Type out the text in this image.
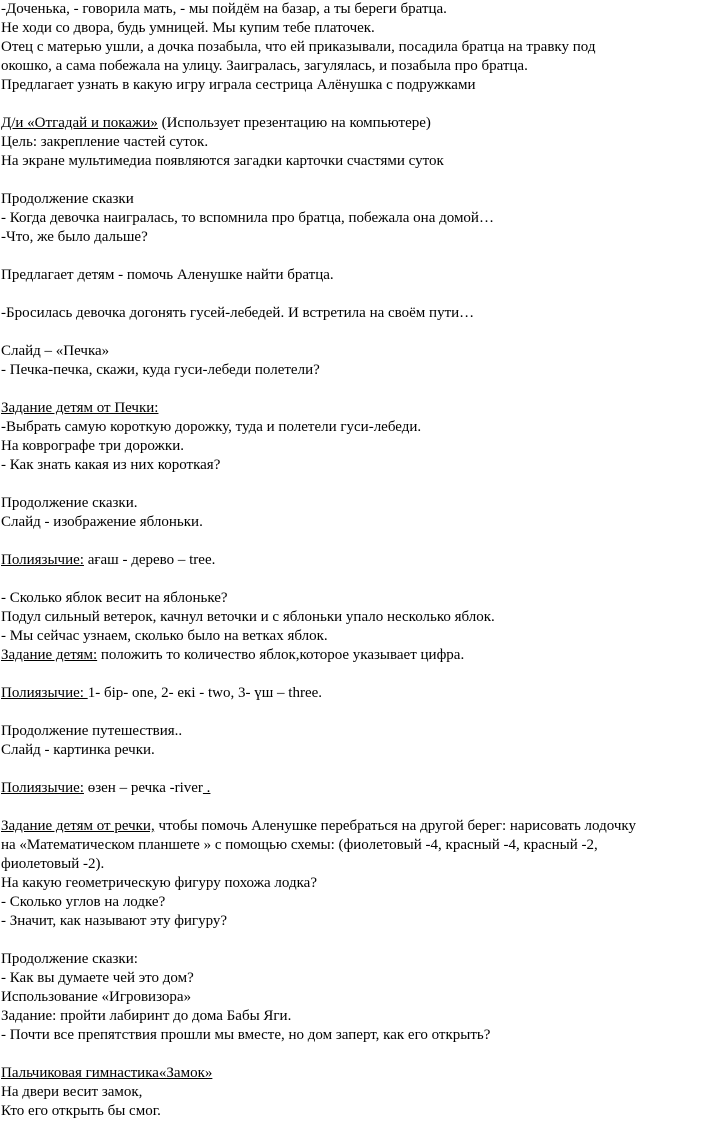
-Доченька, - говорила мать, - мы пойдём на базар, а ты береги братца.
Не ходи со двора, будь умницей. Мы купим тебе платочек.
Отец с матерью ушли, а дочка позабыла, что ей приказывали, посадила братца на травку под
окошко, а сама побежала на улицу. Заигралась, загулялась, и позабыла про братца.
Предлагает узнать в какую игру играла сестрица Алёнушка с подружками
Д/и «Отгадай и покажи» (Использует презентацию на компьютере)
Цель: закрепление частей суток.
На экране мультимедиа появляются загадки карточки счастями суток
Продолжение сказки
- Когда девочка наигралась, то вспомнила про братца, побежала она домой…
-Что, же было дальше?
Предлагает детям - помочь Аленушке найти братца.
-Бросилась девочка догонять гусей-лебедей. И встретила на своём пути…
Слайд – «Печка»
- Печка-печка, скажи, куда гуси-лебеди полетели?
Задание детям от Печки:
-Выбрать самую короткую дорожку, туда и полетели гуси-лебеди.
На коврографе три дорожки.
- Как знать какая из них короткая?
Продолжение сказки.
Слайд - изображение яблоньки.
Полиязычие: ағаш - дерево – tree.
- Сколько яблок весит на яблоньке?
Подул сильный ветерок, качнул веточки и с яблоньки упало несколько яблок.
- Мы сейчас узнаем, сколько было на ветках яблок.
Задание детям: положить то количество яблок,которое указывает цифра.
Полиязычие: 1- бір- one, 2- екі - two, 3- үш – three.
Продолжение путешествия..
Слайд - картинка речки.
Полиязычие: өзен – речка -river .
Задание детям от речки, чтобы помочь Аленушке перебраться на другой берег: нарисовать лодочку
на «Математическом планшете » с помощью схемы: (фиолетовый -4, красный -4, красный -2,
фиолетовый -2).
На какую геометрическую фигуру похожа лодка?
- Сколько углов на лодке?
- Значит, как называют эту фигуру?
Продолжение сказки:
- Как вы думаете чей это дом?
Использование «Игровизора»
Задание: пройти лабиринт до дома Бабы Яги.
- Почти все препятствия прошли мы вместе, но дом заперт, как его открыть?
Пальчиковая гимнастика«Замок»
На двери весит замок,
Кто его открыть бы смог.
